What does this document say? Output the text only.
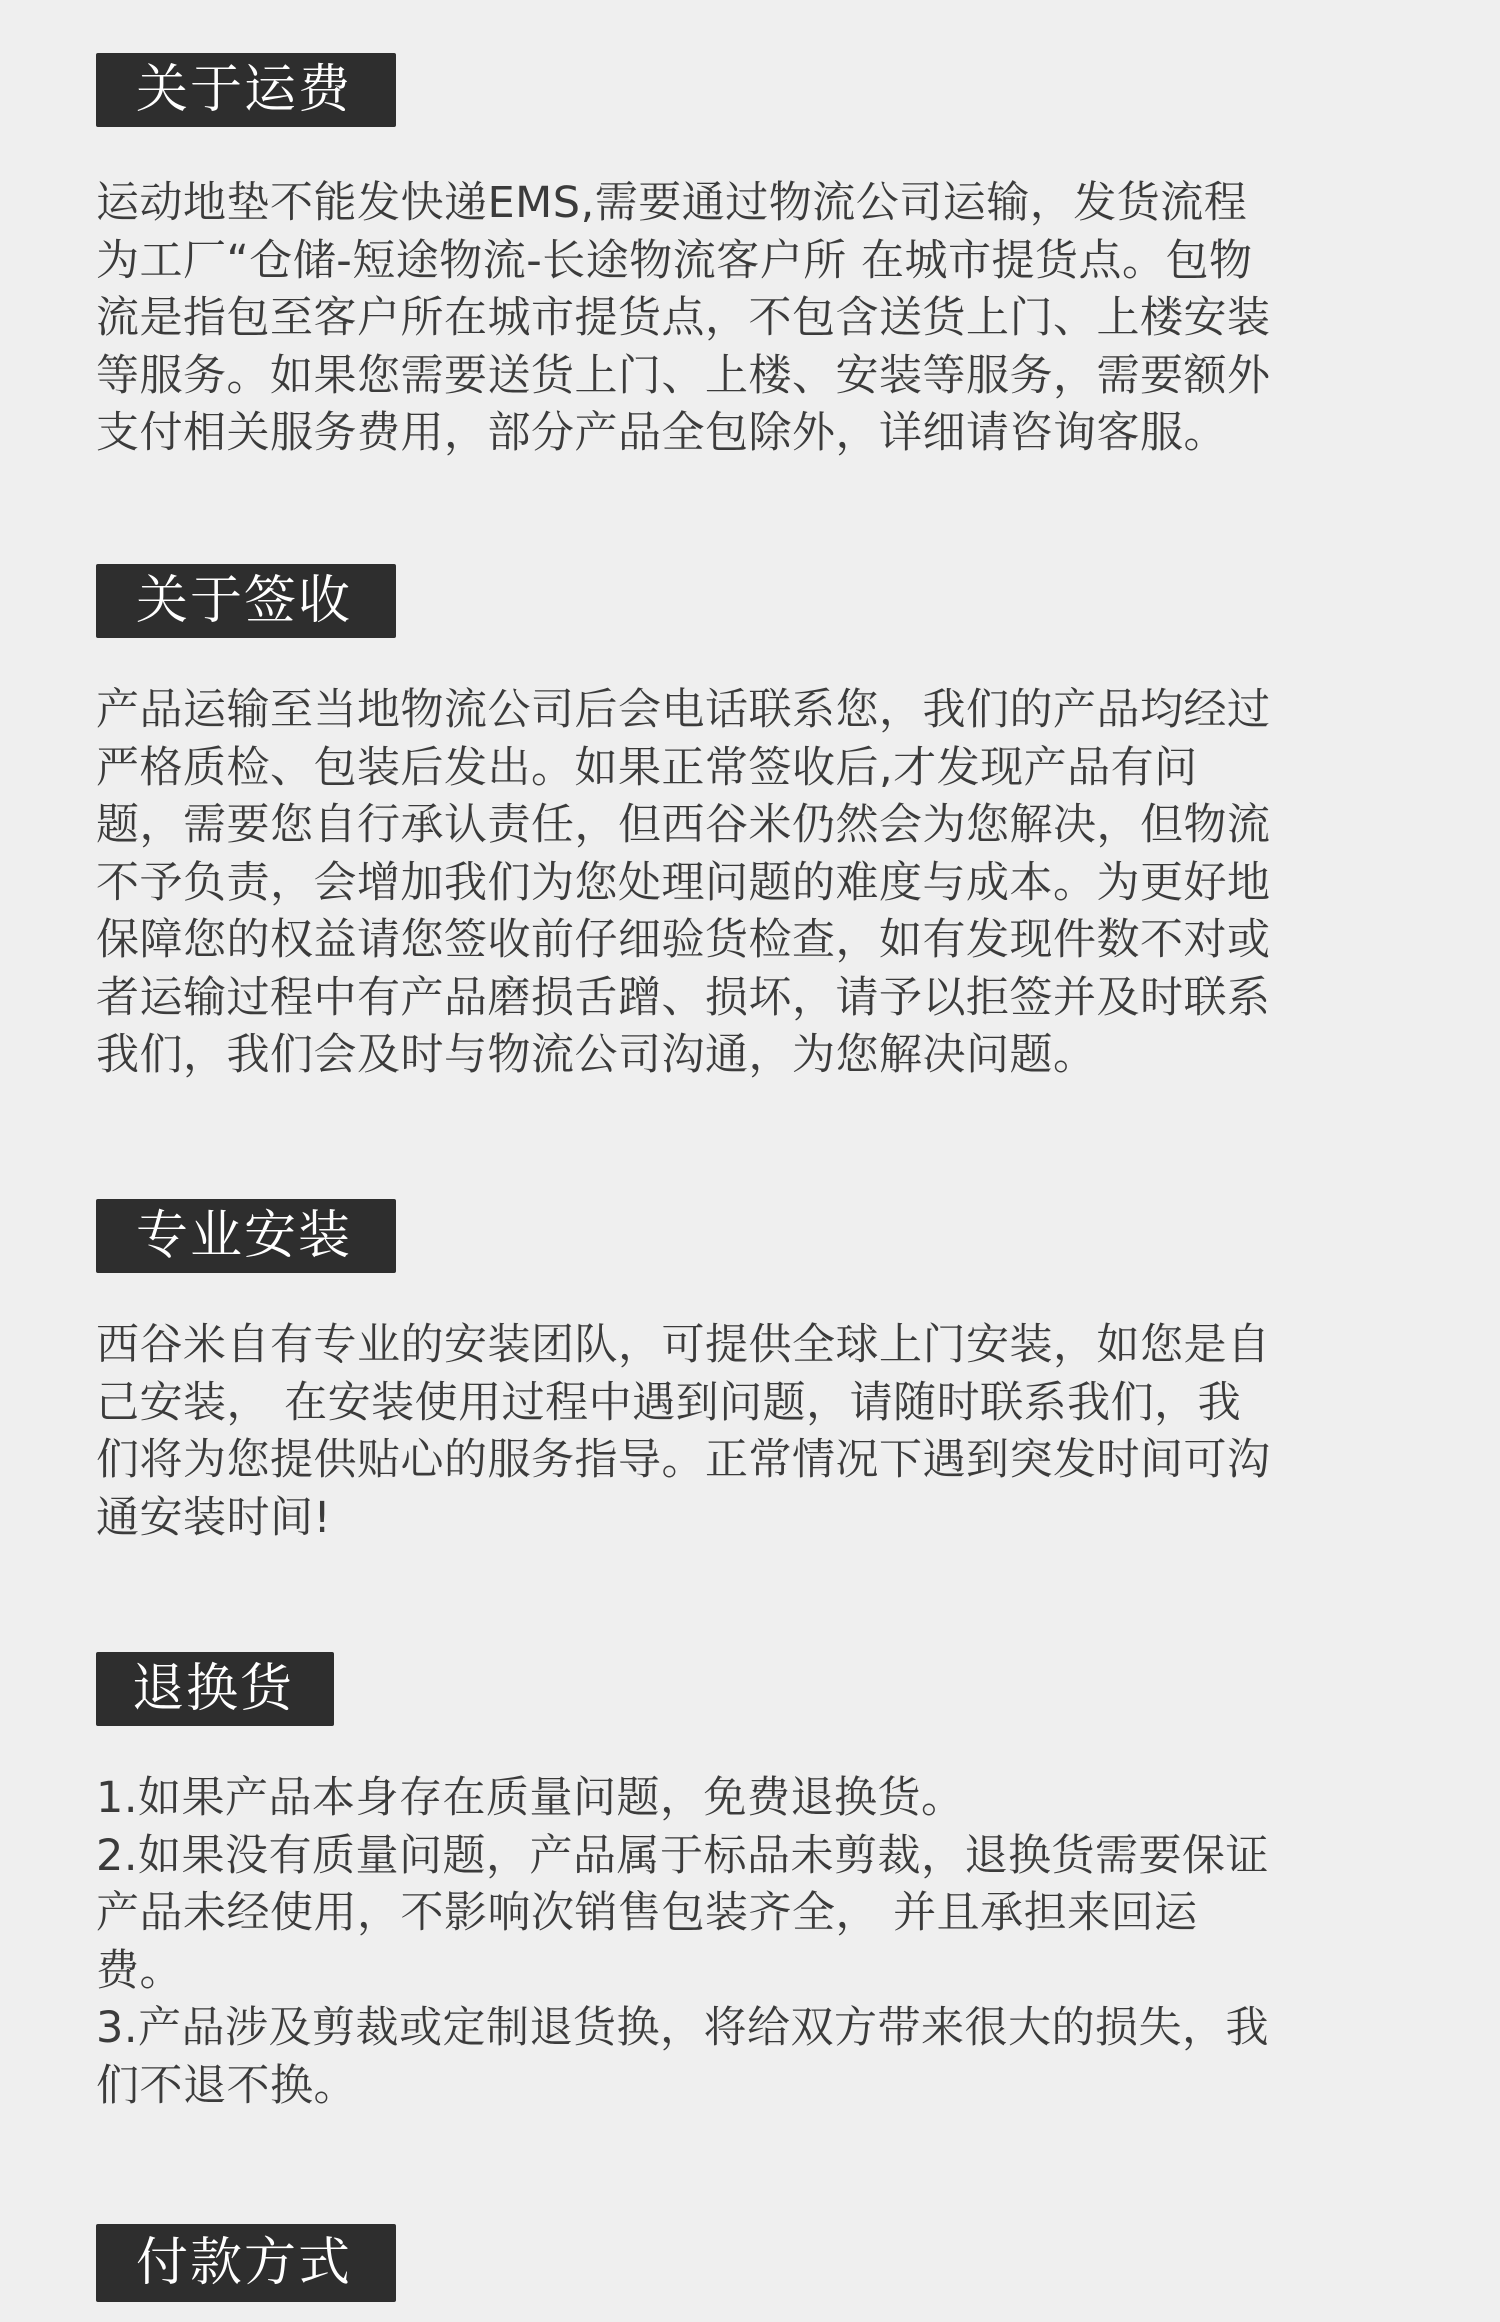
关于运费
运动地垫不能发快递EMS,需要通过物流公司运输，发货流程
为工厂“仓储-短途物流-长途物流客户所 在城市提货点。包物
流是指包至客户所在城市提货点，不包含送货上门、上楼安装
等服务。如果您需要送货上门、上楼、安装等服务，需要额外
支付相关服务费用，部分产品全包除外，详细请咨询客服。
关于签收
产品运输至当地物流公司后会电话联系您，我们的产品均经过
严格质检、包装后发出。如果正常签收后,才发现产品有问
题，需要您自行承认责任，但西谷米仍然会为您解决，但物流
不予负责，会增加我们为您处理问题的难度与成本。为更好地
保障您的权益请您签收前仔细验货检查，如有发现件数不对或
者运输过程中有产品磨损舌蹭、损坏，请予以拒签并及时联系
我们，我们会及时与物流公司沟通，为您解决问题。
专业安装
西谷米自有专业的安装团队，可提供全球上门安装，如您是自
己安装， 在安装使用过程中遇到问题，请随时联系我们，我
们将为您提供贴心的服务指导。正常情况下遇到突发时间可沟
通安装时间!
退换货
1.如果产品本身存在质量问题，免费退换货。
2.如果没有质量问题，产品属于标品未剪裁，退换货需要保证
产品未经使用，不影响次销售包装齐全， 并且承担来回运
费。
3.产品涉及剪裁或定制退货换，将给双方带来很大的损失，我
们不退不换。
付款方式
